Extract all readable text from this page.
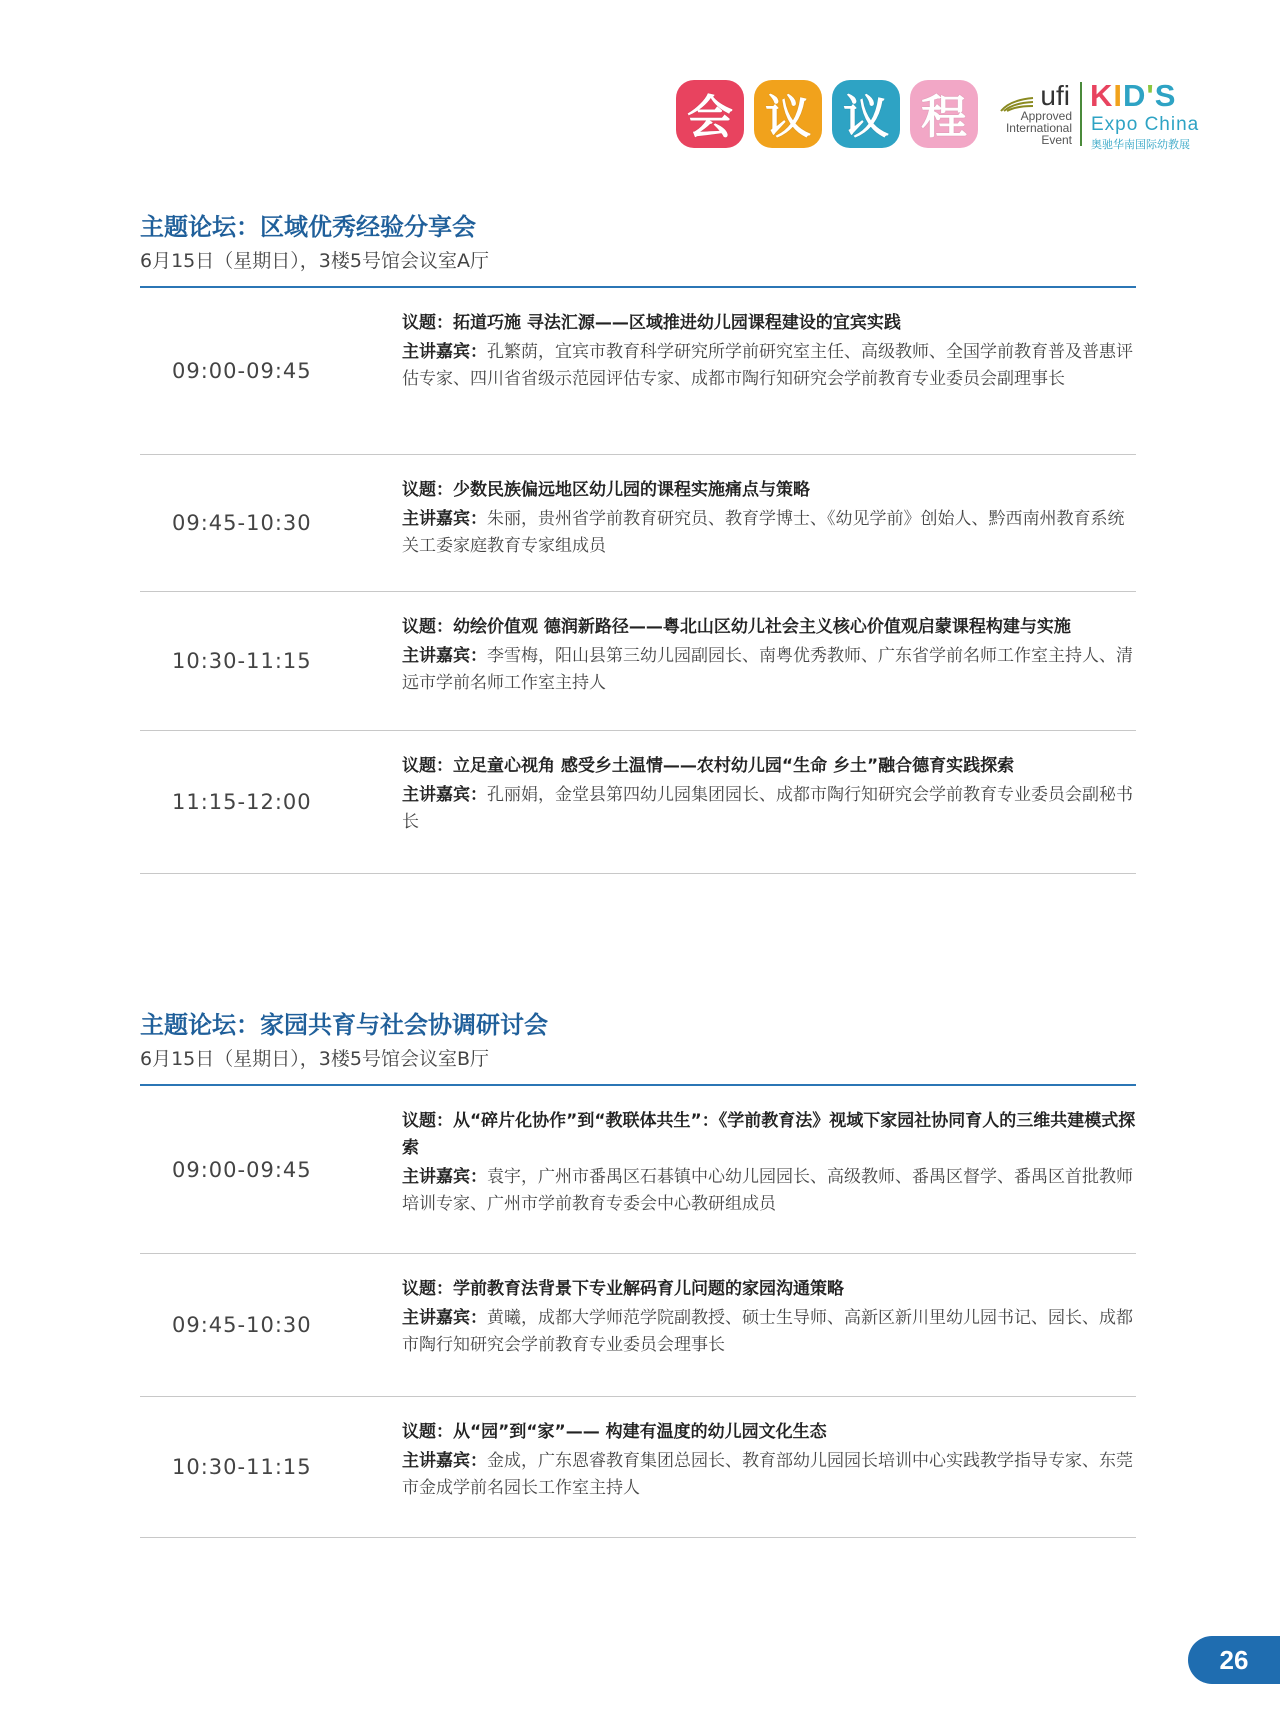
会 议 议 程	ufi
Approved
International
Event
KID'S
Expo China
奥驰华南国际幼教展
主题论坛：区域优秀经验分享会
6月15日（星期日），3楼5号馆会议室A厅
09:00-09:45
议题：拓道巧施 寻法汇源——区域推进幼儿园课程建设的宜宾实践
主讲嘉宾：孔繁荫，宜宾市教育科学研究所学前研究室主任、高级教师、全国学前教育普及普惠评估专家、四川省省级示范园评估专家、成都市陶行知研究会学前教育专业委员会副理事长
09:45-10:30
议题：少数民族偏远地区幼儿园的课程实施痛点与策略
主讲嘉宾：朱丽，贵州省学前教育研究员、教育学博士、《幼见学前》创始人、黔西南州教育系统关工委家庭教育专家组成员
10:30-11:15
议题：幼绘价值观 德润新路径——粤北山区幼儿社会主义核心价值观启蒙课程构建与实施
主讲嘉宾：李雪梅，阳山县第三幼儿园副园长、南粤优秀教师、广东省学前名师工作室主持人、清远市学前名师工作室主持人
11:15-12:00
议题：立足童心视角 感受乡土温情——农村幼儿园“生命 乡土”融合德育实践探索
主讲嘉宾：孔丽娟，金堂县第四幼儿园集团园长、成都市陶行知研究会学前教育专业委员会副秘书长
主题论坛：家园共育与社会协调研讨会
6月15日（星期日），3楼5号馆会议室B厅
09:00-09:45
议题：从“碎片化协作”到“教联体共生”：《学前教育法》视域下家园社协同育人的三维共建模式探索
主讲嘉宾：袁宇，广州市番禺区石碁镇中心幼儿园园长、高级教师、番禺区督学、番禺区首批教师培训专家、广州市学前教育专委会中心教研组成员
09:45-10:30
议题：学前教育法背景下专业解码育儿问题的家园沟通策略
主讲嘉宾：黄曦，成都大学师范学院副教授、硕士生导师、高新区新川里幼儿园书记、园长、成都市陶行知研究会学前教育专业委员会理事长
10:30-11:15
议题：从“园”到“家”—— 构建有温度的幼儿园文化生态
主讲嘉宾：金成，广东恩睿教育集团总园长、教育部幼儿园园长培训中心实践教学指导专家、东莞市金成学前名园长工作室主持人
26
